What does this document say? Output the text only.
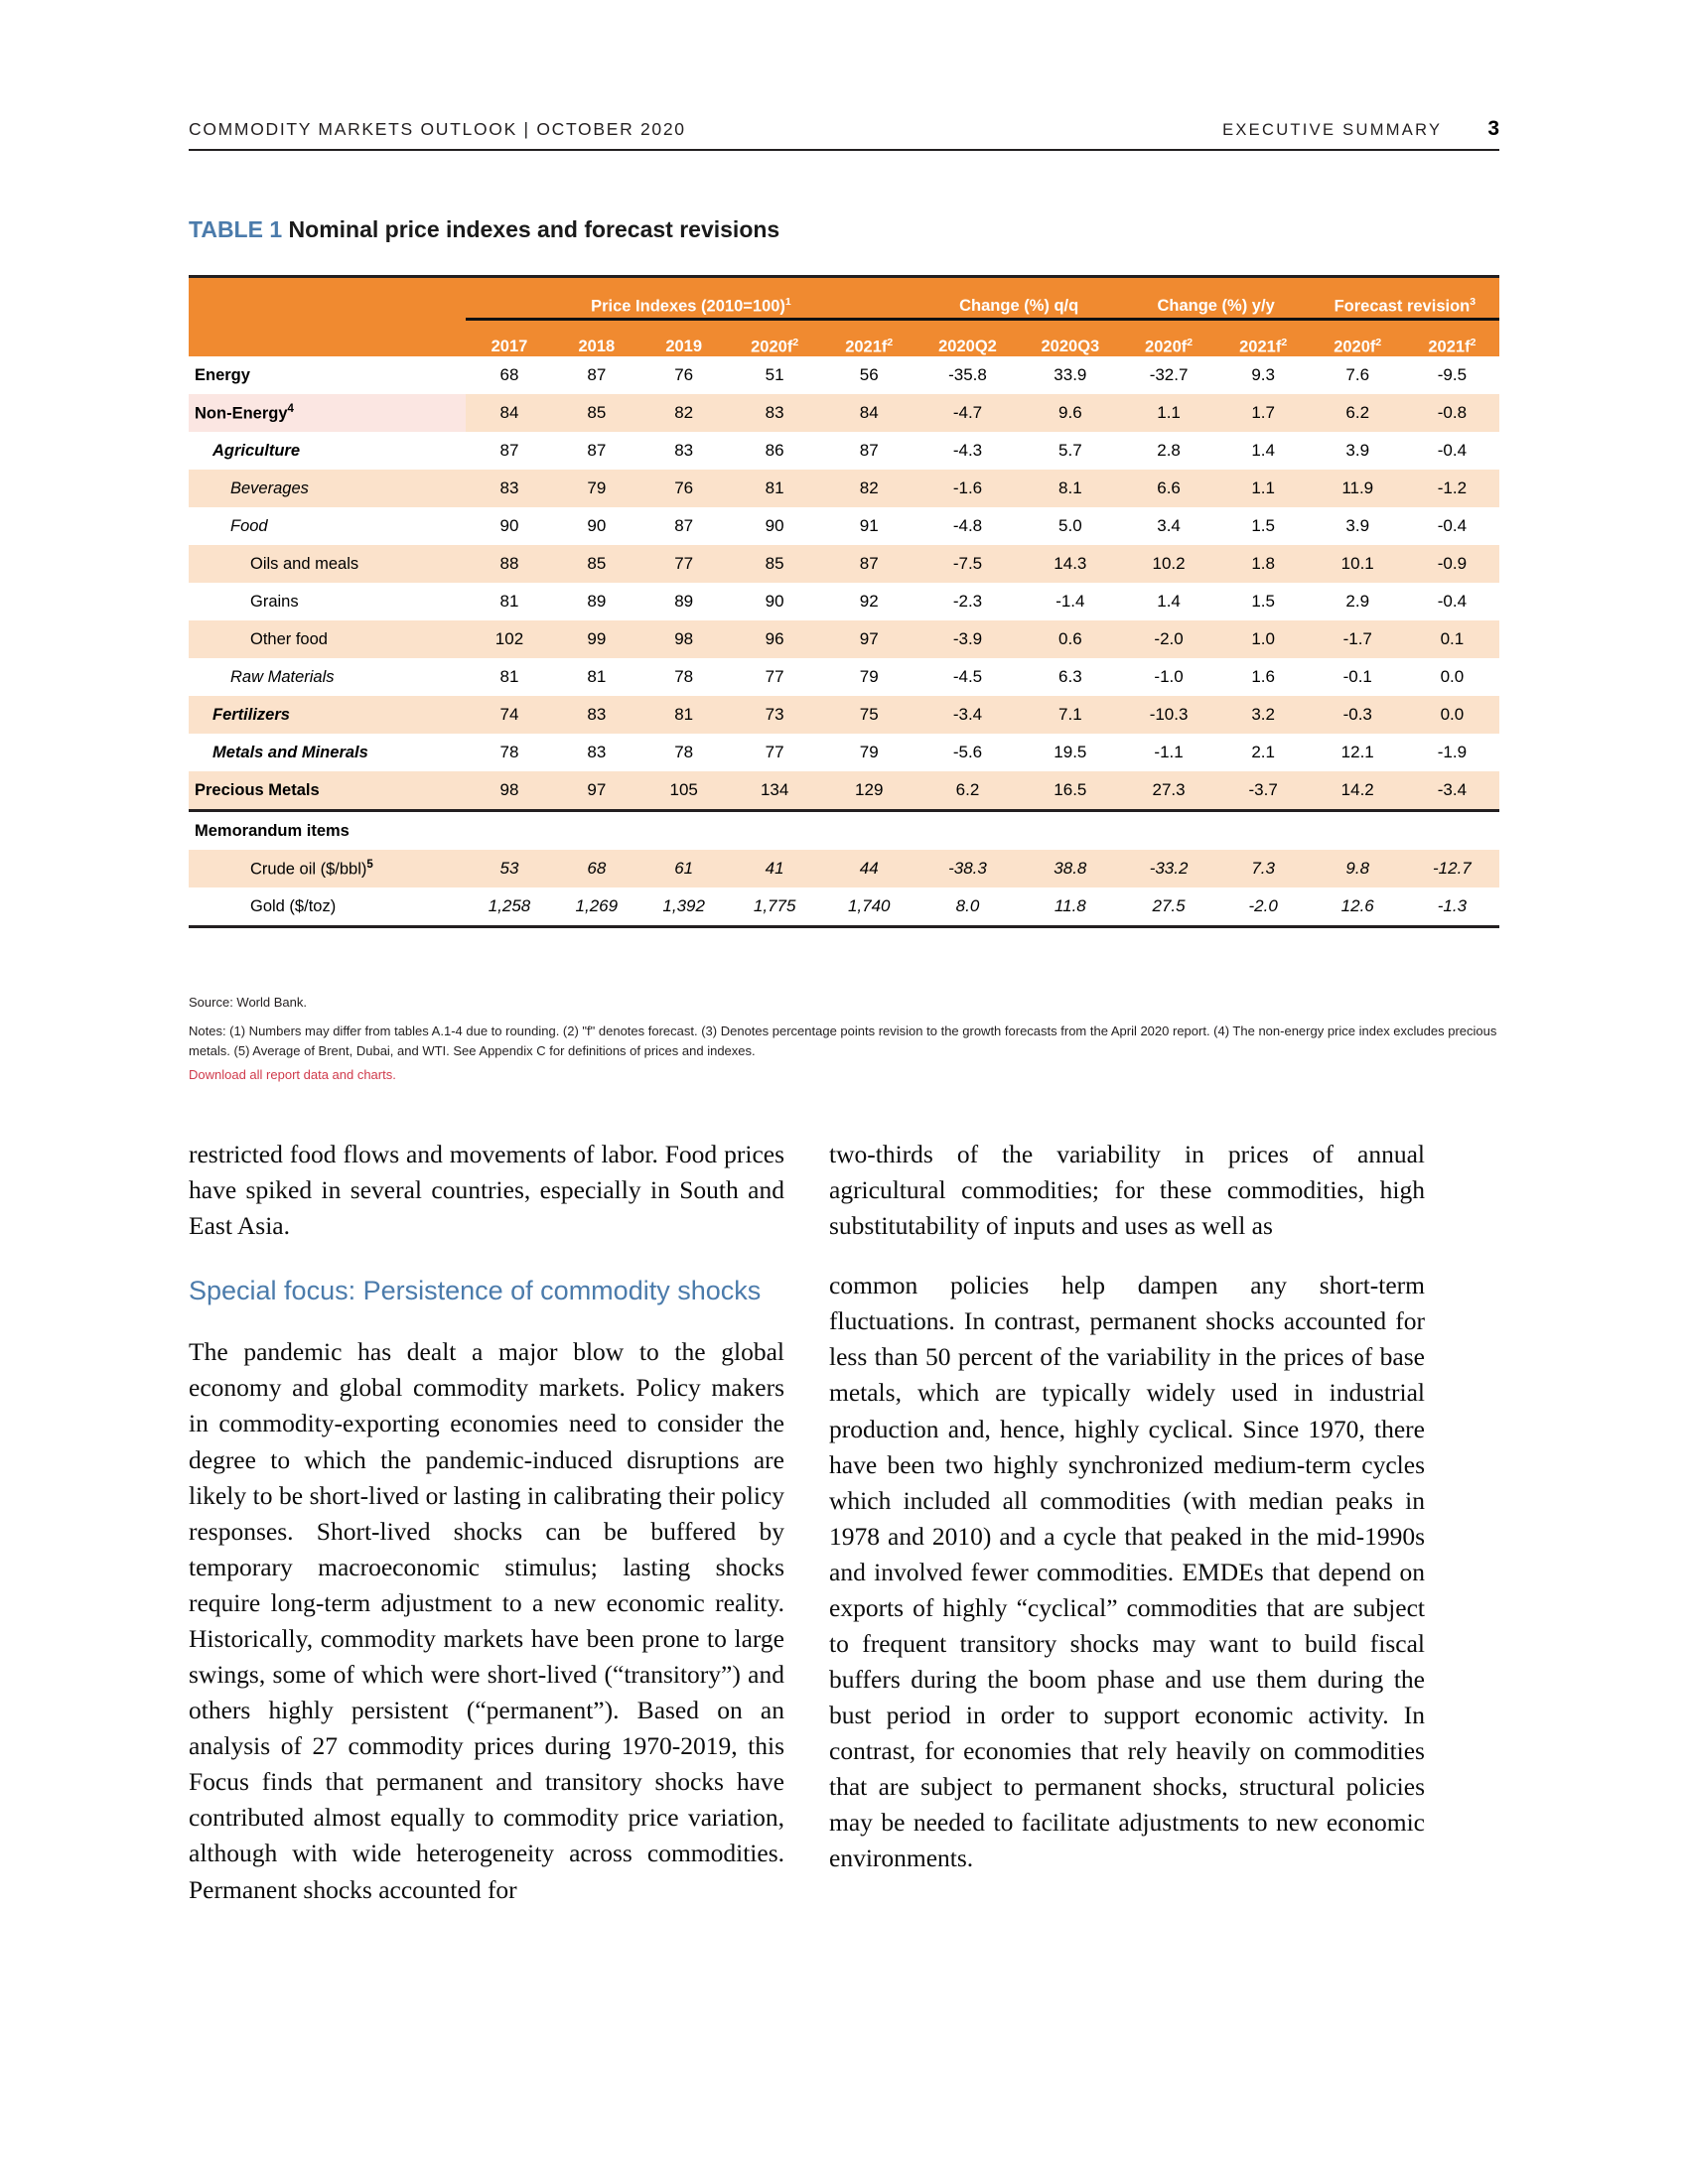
COMMODITY MARKETS OUTLOOK | OCTOBER 2020	EXECUTIVE SUMMARY 3
TABLE 1 Nominal price indexes and forecast revisions
	Price Indexes (2010=100)$^1$					Change (%) q/q		Change (%) y/y		Forecast revision$^3$
	2017	2018	2019	2020f$^2$	2021f$^2$	2020Q2	2020Q3	2020f$^2$	2021f$^2$	2020f$^2$	2021f$^2$
Energy	68	87	76	51	56	-35.8	33.9	-32.7	9.3	7.6	-9.5
Non-Energy$^4$	84	85	82	83	84	-4.7	9.6	1.1	1.7	6.2	-0.8
Agriculture	87	87	83	86	87	-4.3	5.7	2.8	1.4	3.9	-0.4
Beverages	83	79	76	81	82	-1.6	8.1	6.6	1.1	11.9	-1.2
Food	90	90	87	90	91	-4.8	5.0	3.4	1.5	3.9	-0.4
Oils and meals	88	85	77	85	87	-7.5	14.3	10.2	1.8	10.1	-0.9
Grains	81	89	89	90	92	-2.3	-1.4	1.4	1.5	2.9	-0.4
Other food	102	99	98	96	97	-3.9	0.6	-2.0	1.0	-1.7	0.1
Raw Materials	81	81	78	77	79	-4.5	6.3	-1.0	1.6	-0.1	0.0
Fertilizers	74	83	81	73	75	-3.4	7.1	-10.3	3.2	-0.3	0.0
Metals and Minerals	78	83	78	77	79	-5.6	19.5	-1.1	2.1	12.1	-1.9
Precious Metals	98	97	105	134	129	6.2	16.5	27.3	-3.7	14.2	-3.4
Memorandum items											
Crude oil ($/bbl)$^5$	53	68	61	41	44	-38.3	38.8	-33.2	7.3	9.8	-12.7
Gold ($/toz)	1,258	1,269	1,392	1,775	1,740	8.0	11.8	27.5	-2.0	12.6	-1.3
Source: World Bank.
Notes: (1) Numbers may differ from tables A.1-4 due to rounding. (2) "f" denotes forecast. (3) Denotes percentage points revision to the growth forecasts from the April 2020 report. (4) The non-energy price index excludes precious metals. (5) Average of Brent, Dubai, and WTI. See Appendix C for definitions of prices and indexes.
Download all report data and charts.

restricted food flows and movements of labor. Food prices have spiked in several countries, especially in South and East Asia.

Special focus: Persistence of commodity shocks

The pandemic has dealt a major blow to the global economy and global commodity markets. Policy makers in commodity-exporting economies need to consider the degree to which the pandemic-induced disruptions are likely to be short-lived or lasting in calibrating their policy responses. Short-lived shocks can be buffered by temporary macroeconomic stimulus; lasting shocks require long-term adjustment to a new economic reality. Historically, commodity markets have been prone to large swings, some of which were short-lived (“transitory”) and others highly persistent (“permanent”). Based on an analysis of 27 commodity prices during 1970-2019, this Focus finds that permanent and transitory shocks have contributed almost equally to commodity price variation, although with wide heterogeneity across commodities. Permanent shocks accounted for

two-thirds of the variability in prices of annual agricultural commodities; for these commodities, high substitutability of inputs and uses as well as

common policies help dampen any short-term fluctuations. In contrast, permanent shocks accounted for less than 50 percent of the variability in the prices of base metals, which are typically widely used in industrial production and, hence, highly cyclical. Since 1970, there have been two highly synchronized medium-term cycles which included all commodities (with median peaks in 1978 and 2010) and a cycle that peaked in the mid-1990s and involved fewer commodities. EMDEs that depend on exports of highly “cyclical” commodities that are subject to frequent transitory shocks may want to build fiscal buffers during the boom phase and use them during the bust period in order to support economic activity. In contrast, for economies that rely heavily on commodities that are subject to permanent shocks, structural policies may be needed to facilitate adjustments to new economic environments.
